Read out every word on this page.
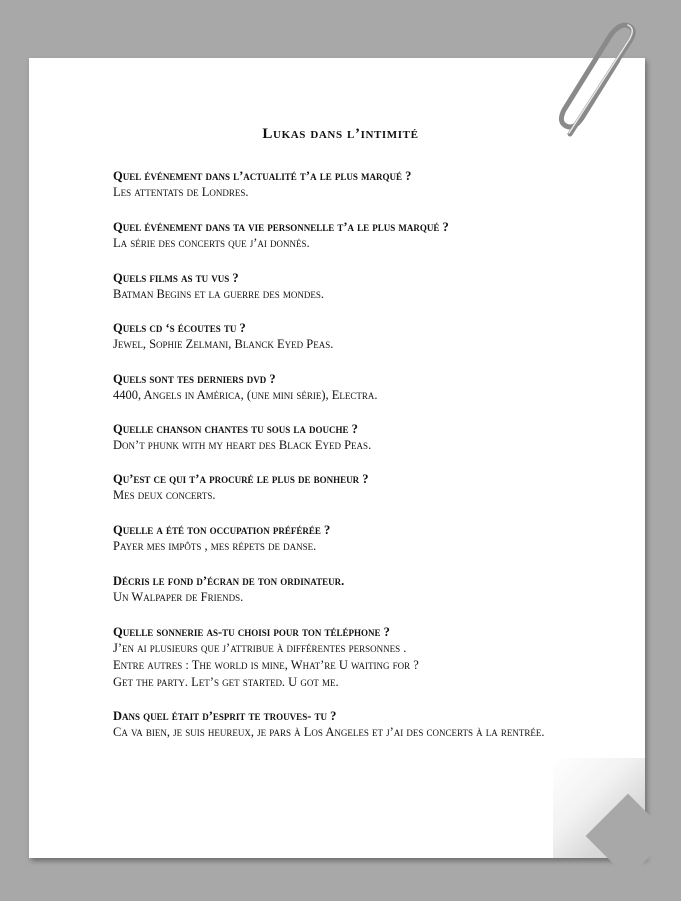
Lukas dans l’intimité
Quel événement dans l’actualité t’a le plus marqué ?
Les attentats de Londres.
Quel événement dans ta vie personnelle t’a le plus marqué ?
La série des concerts que j’ai donnés.
Quels films as tu vus ?
Batman Begins et la guerre des mondes.
Quels cd ‘s écoutes tu ?
Jewel, Sophie Zelmani, Blanck Eyed Peas.
Quels sont tes derniers dvd ?
4400, Angels in América, (une mini série), Electra.
Quelle chanson chantes tu sous la douche ?
Don’t phunk with my heart des Black Eyed Peas.
Qu’est ce qui t’a procuré le plus de bonheur ?
Mes deux concerts.
Quelle a été ton occupation préférée ?
Payer mes impôts , mes répets de danse.
Décris le fond d’écran de ton ordinateur.
Un Walpaper de Friends.
Quelle sonnerie as-tu choisi pour ton téléphone ?
J’en ai plusieurs que j’attribue à différentes personnes .
Entre autres : The world is mine, What’re U waiting for ?
Get the party. Let’s get started. U got me.
Dans quel était d’esprit te trouves- tu ?
Ca va bien, je suis heureux, je pars à Los Angeles et j’ai des concerts à la rentrée.
